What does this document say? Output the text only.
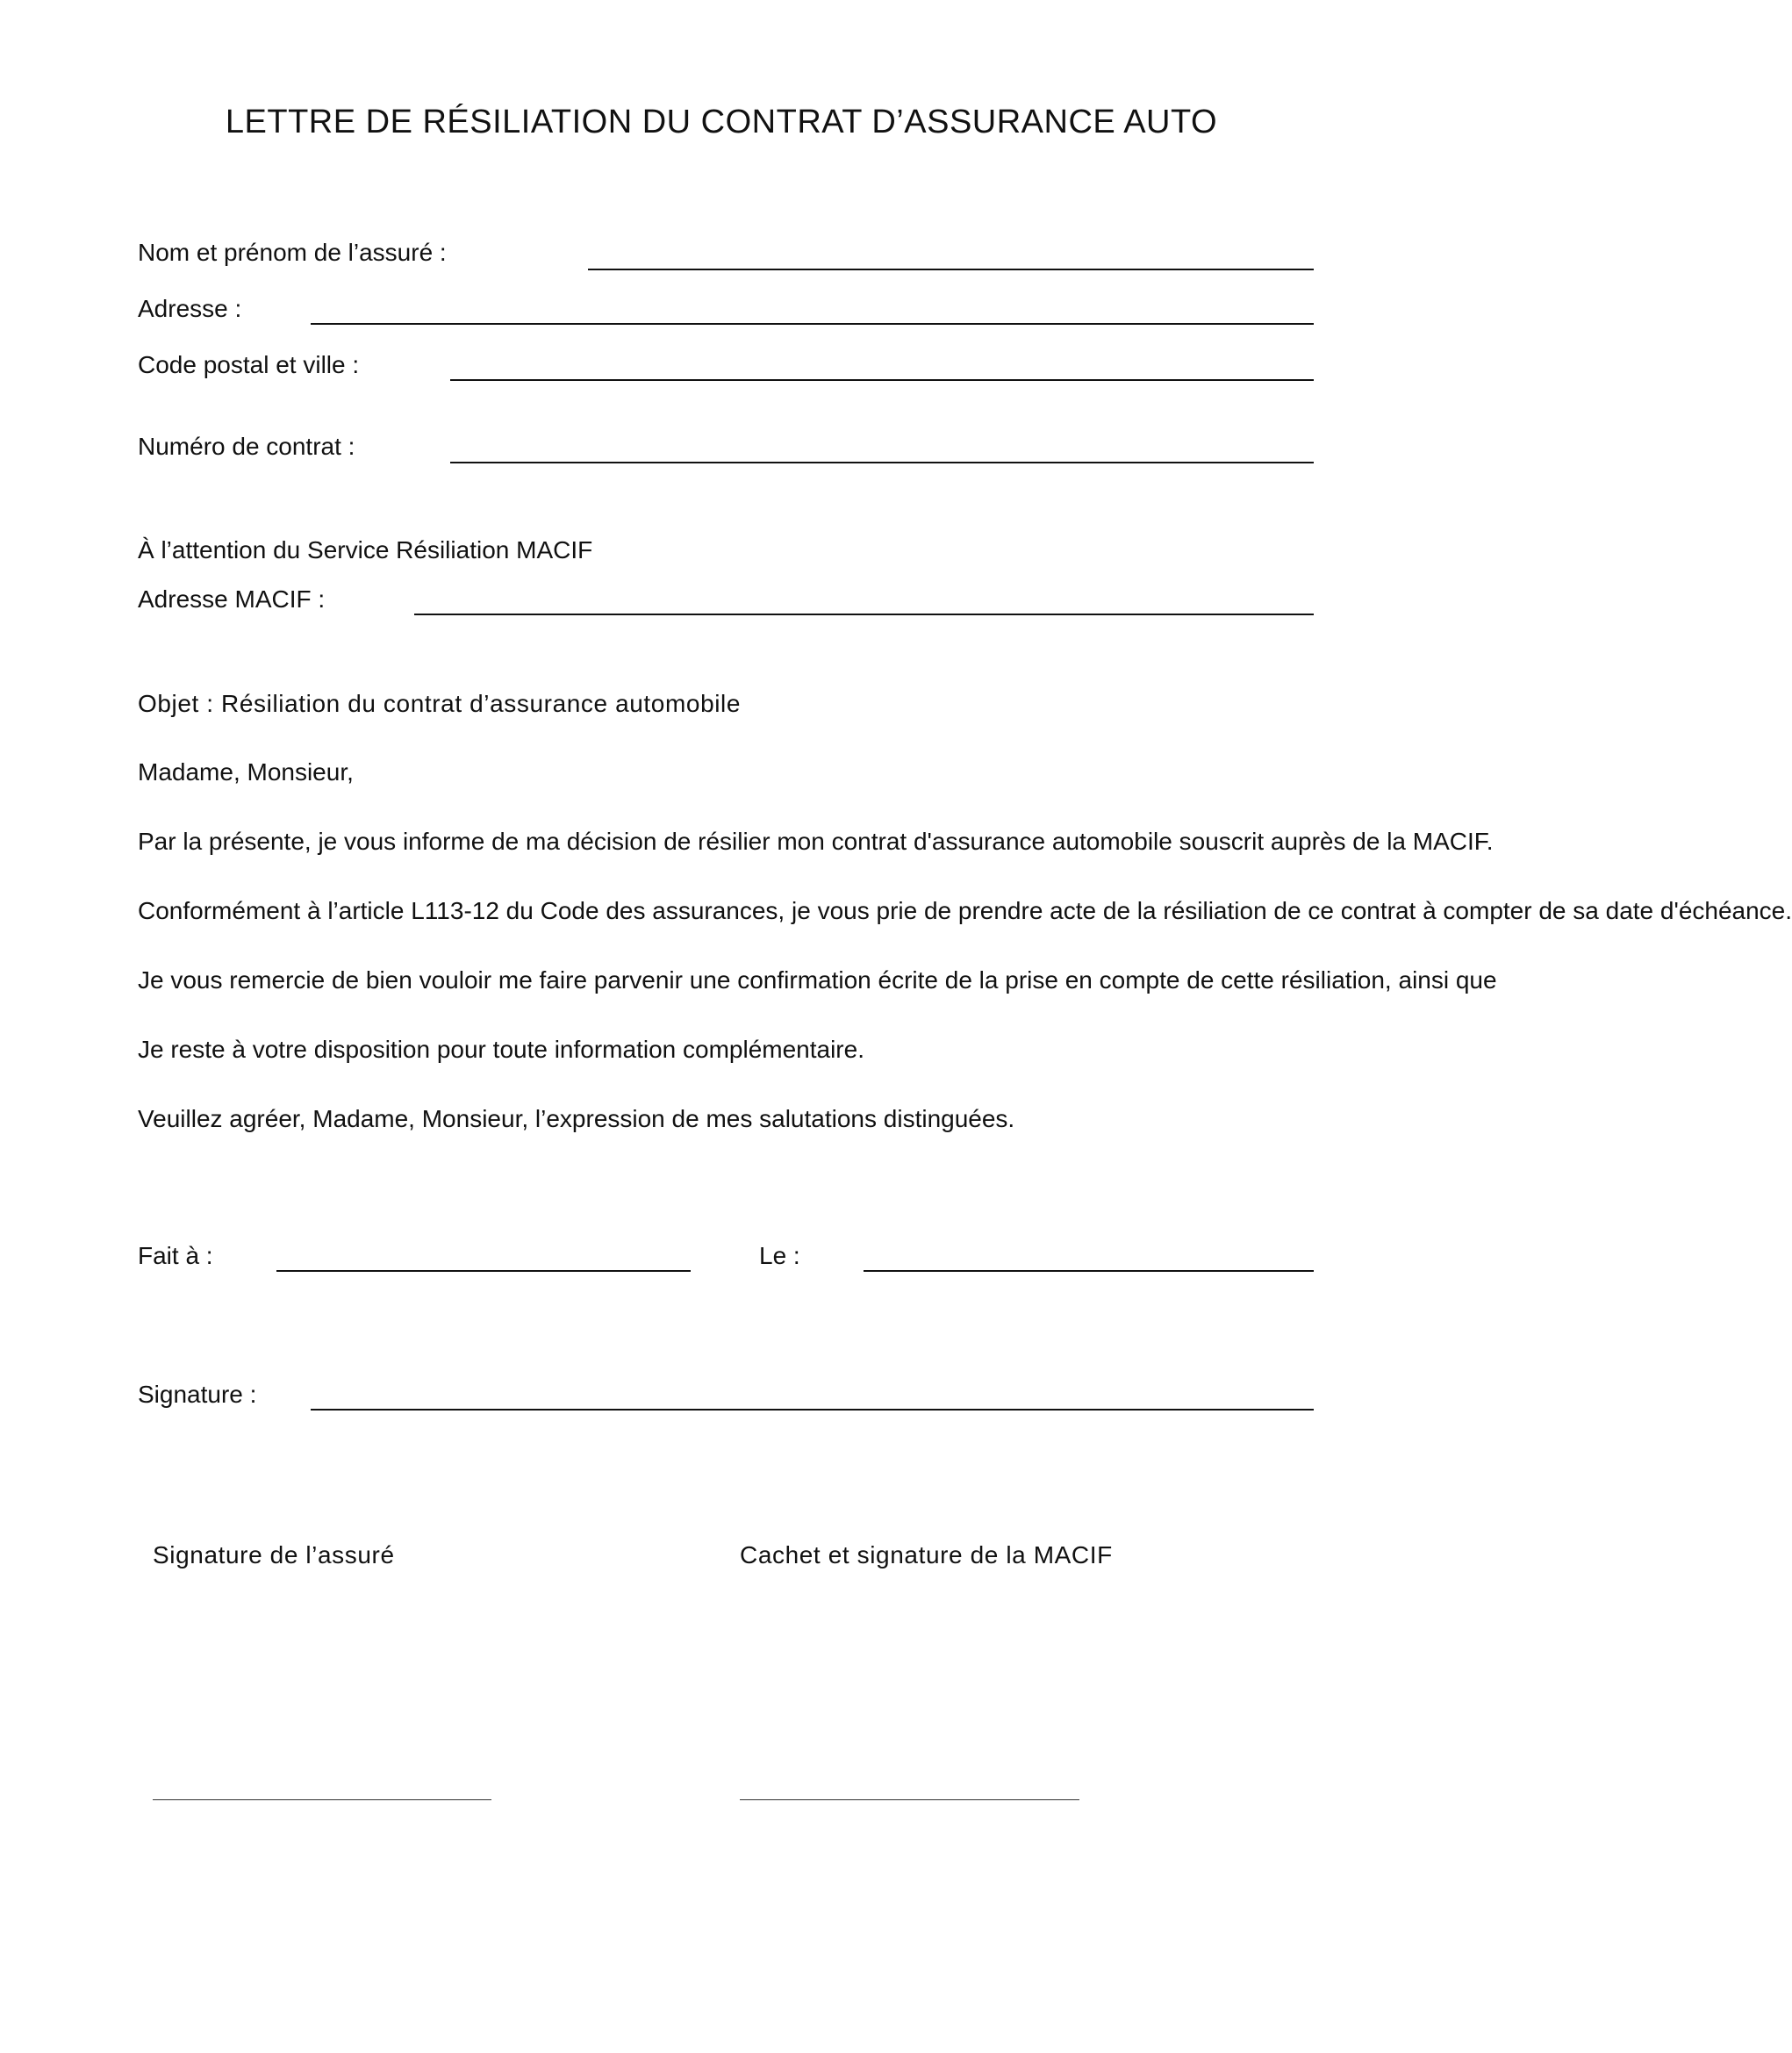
LETTRE DE RÉSILIATION DU CONTRAT D’ASSURANCE AUTO
Nom et prénom de l’assuré :
Adresse :
Code postal et ville :
Numéro de contrat :
À l’attention du Service Résiliation MACIF
Adresse MACIF :
Objet : Résiliation du contrat d’assurance automobile
Madame, Monsieur,
Par la présente, je vous informe de ma décision de résilier mon contrat d'assurance automobile souscrit auprès de la MACIF.
Conformément à l’article L113-12 du Code des assurances, je vous prie de prendre acte de la résiliation de ce contrat à compter de sa date d'échéance.
Je vous remercie de bien vouloir me faire parvenir une confirmation écrite de la prise en compte de cette résiliation, ainsi que
Je reste à votre disposition pour toute information complémentaire.
Veuillez agréer, Madame, Monsieur, l’expression de mes salutations distinguées.
Fait à :	Le :
Signature :
Signature de l’assuré	Cachet et signature de la MACIF
